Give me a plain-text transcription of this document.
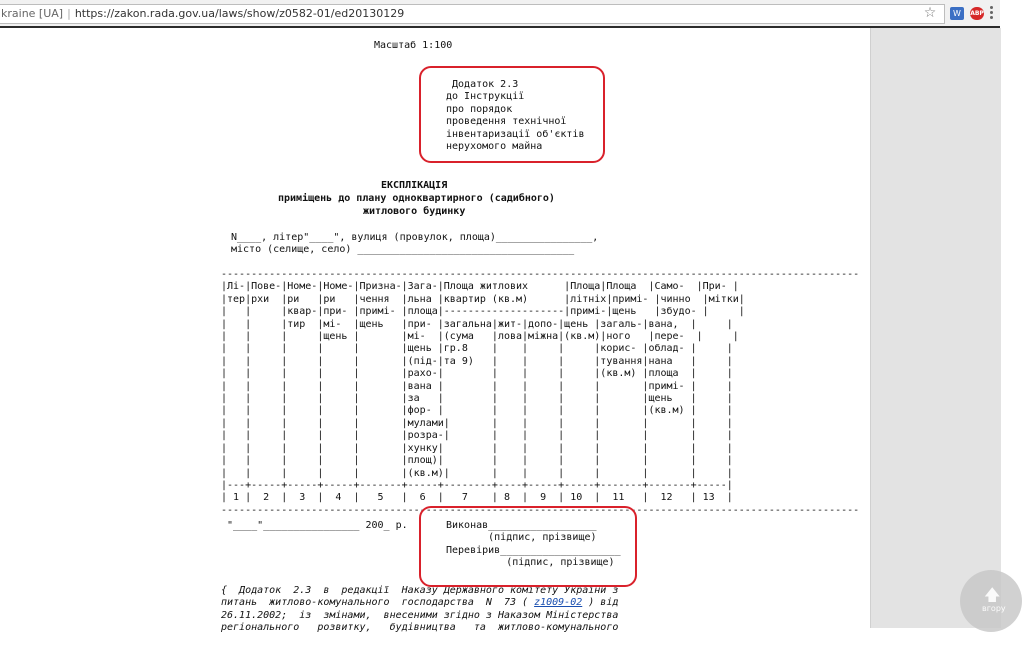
kraine [UA] | https://zakon.rada.gov.ua/laws/show/z0582-01/ed20130129	☆	W	ABP
Масштаб 1:100
Додаток 2.3
до Інструкції
про порядок
проведення технічної
інвентаризації об'єктів
нерухомого майна
ЕКСПЛІКАЦІЯ
приміщень до плану одноквартирного (садибного)
житлового будинку
N____, літер"____", вулиця (провулок, площа)________________,
місто (селище, село) ____________________________________
----------------------------------------------------------------------------------------------------------
|Лі-|Пове-|Номе-|Номе-|Призна-|Зага-|Площа житлових      |Площа|Площа  |Само-  |При- |
|тер|рхи  |ри   |ри   |чення  |льна |квартир (кв.м)      |літніх|примі- |чинно  |мітки|
|   |     |квар-|при- |примі- |площа|--------------------|примі-|щень   |збудо- |     |
|   |     |тир  |мі-  |щень   |при- |загальна|жит-|допо-|щень |загаль-|вана,  |     |
|   |     |     |щень |       |мі-  |(сума   |лова|міжна|(кв.м)|ного   |пере-  |     |
|   |     |     |     |       |щень |гр.8    |    |     |     |корис- |облад- |     |
|   |     |     |     |       |(під-|та 9)   |    |     |     |тування|нана   |     |
|   |     |     |     |       |рахо-|        |    |     |     |(кв.м) |площа  |     |
|   |     |     |     |       |вана |        |    |     |     |       |примі- |     |
|   |     |     |     |       |за   |        |    |     |     |       |щень   |     |
|   |     |     |     |       |фор- |        |    |     |     |       |(кв.м) |     |
|   |     |     |     |       |мулами|       |    |     |     |       |       |     |
|   |     |     |     |       |розра-|       |    |     |     |       |       |     |
|   |     |     |     |       |хунку|        |    |     |     |       |       |     |
|   |     |     |     |       |площ)|        |    |     |     |       |       |     |
|   |     |     |     |       |(кв.м)|       |    |     |     |       |       |     |
|---+-----+-----+-----+-------+-----+--------+----+-----+-----+-------+-------+-----|
| 1 |  2  |  3  |  4  |   5   |  6  |   7    | 8  |  9  | 10  |  11   |  12   | 13  |
----------------------------------------------------------------------------------------------------------
"____"________________ 200_ р.	Виконав__________________
(підпис, прізвище)
Перевірив____________________
(підпис, прізвище)
{  Додаток  2.3  в  редакції  Наказу Державного комітету України з
питань  житлово-комунального  господарства  N  73 ( z1009-02 ) від
26.11.2002;  із  змінами,  внесеними згідно з Наказом Міністерства
регіонального   розвитку,   будівництва   та  житлово-комунального
🡅
вгору
